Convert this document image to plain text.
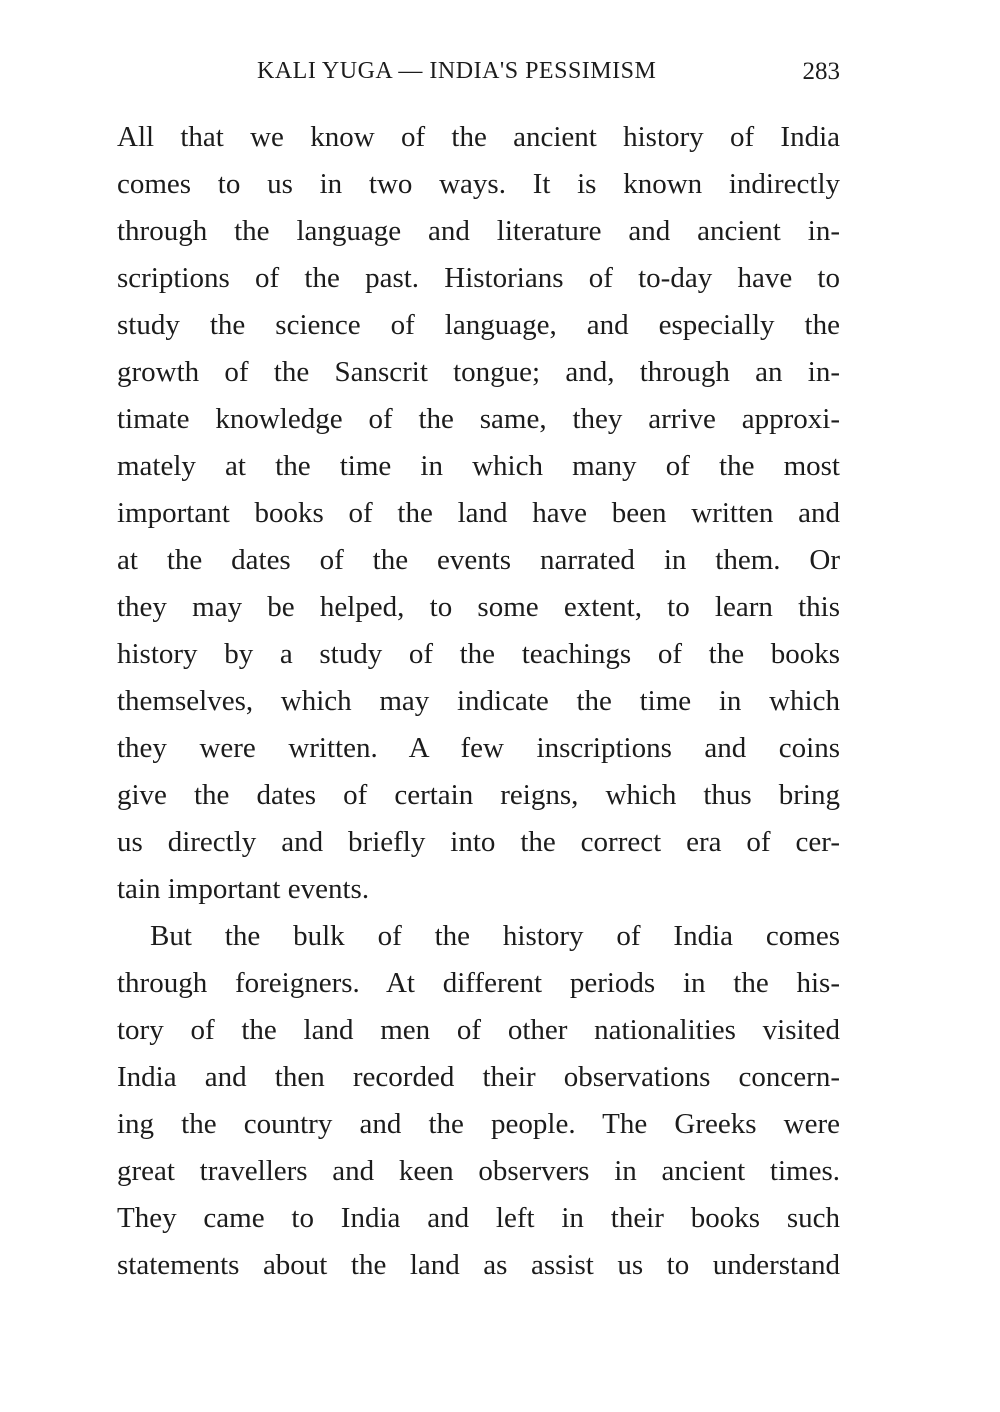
KALI YUGA — INDIA'S PESSIMISM	283
All that we know of the ancient history of India
comes to us in two ways. It is known indirectly
through the language and literature and ancient in-
scriptions of the past. Historians of to-day have to
study the science of language, and especially the
growth of the Sanscrit tongue; and, through an in-
timate knowledge of the same, they arrive approxi-
mately at the time in which many of the most
important books of the land have been written and
at the dates of the events narrated in them. Or
they may be helped, to some extent, to learn this
history by a study of the teachings of the books
themselves, which may indicate the time in which
they were written. A few inscriptions and coins
give the dates of certain reigns, which thus bring
us directly and briefly into the correct era of cer-
tain important events.
But the bulk of the history of India comes
through foreigners. At different periods in the his-
tory of the land men of other nationalities visited
India and then recorded their observations concern-
ing the country and the people. The Greeks were
great travellers and keen observers in ancient times.
They came to India and left in their books such
statements about the land as assist us to understand
